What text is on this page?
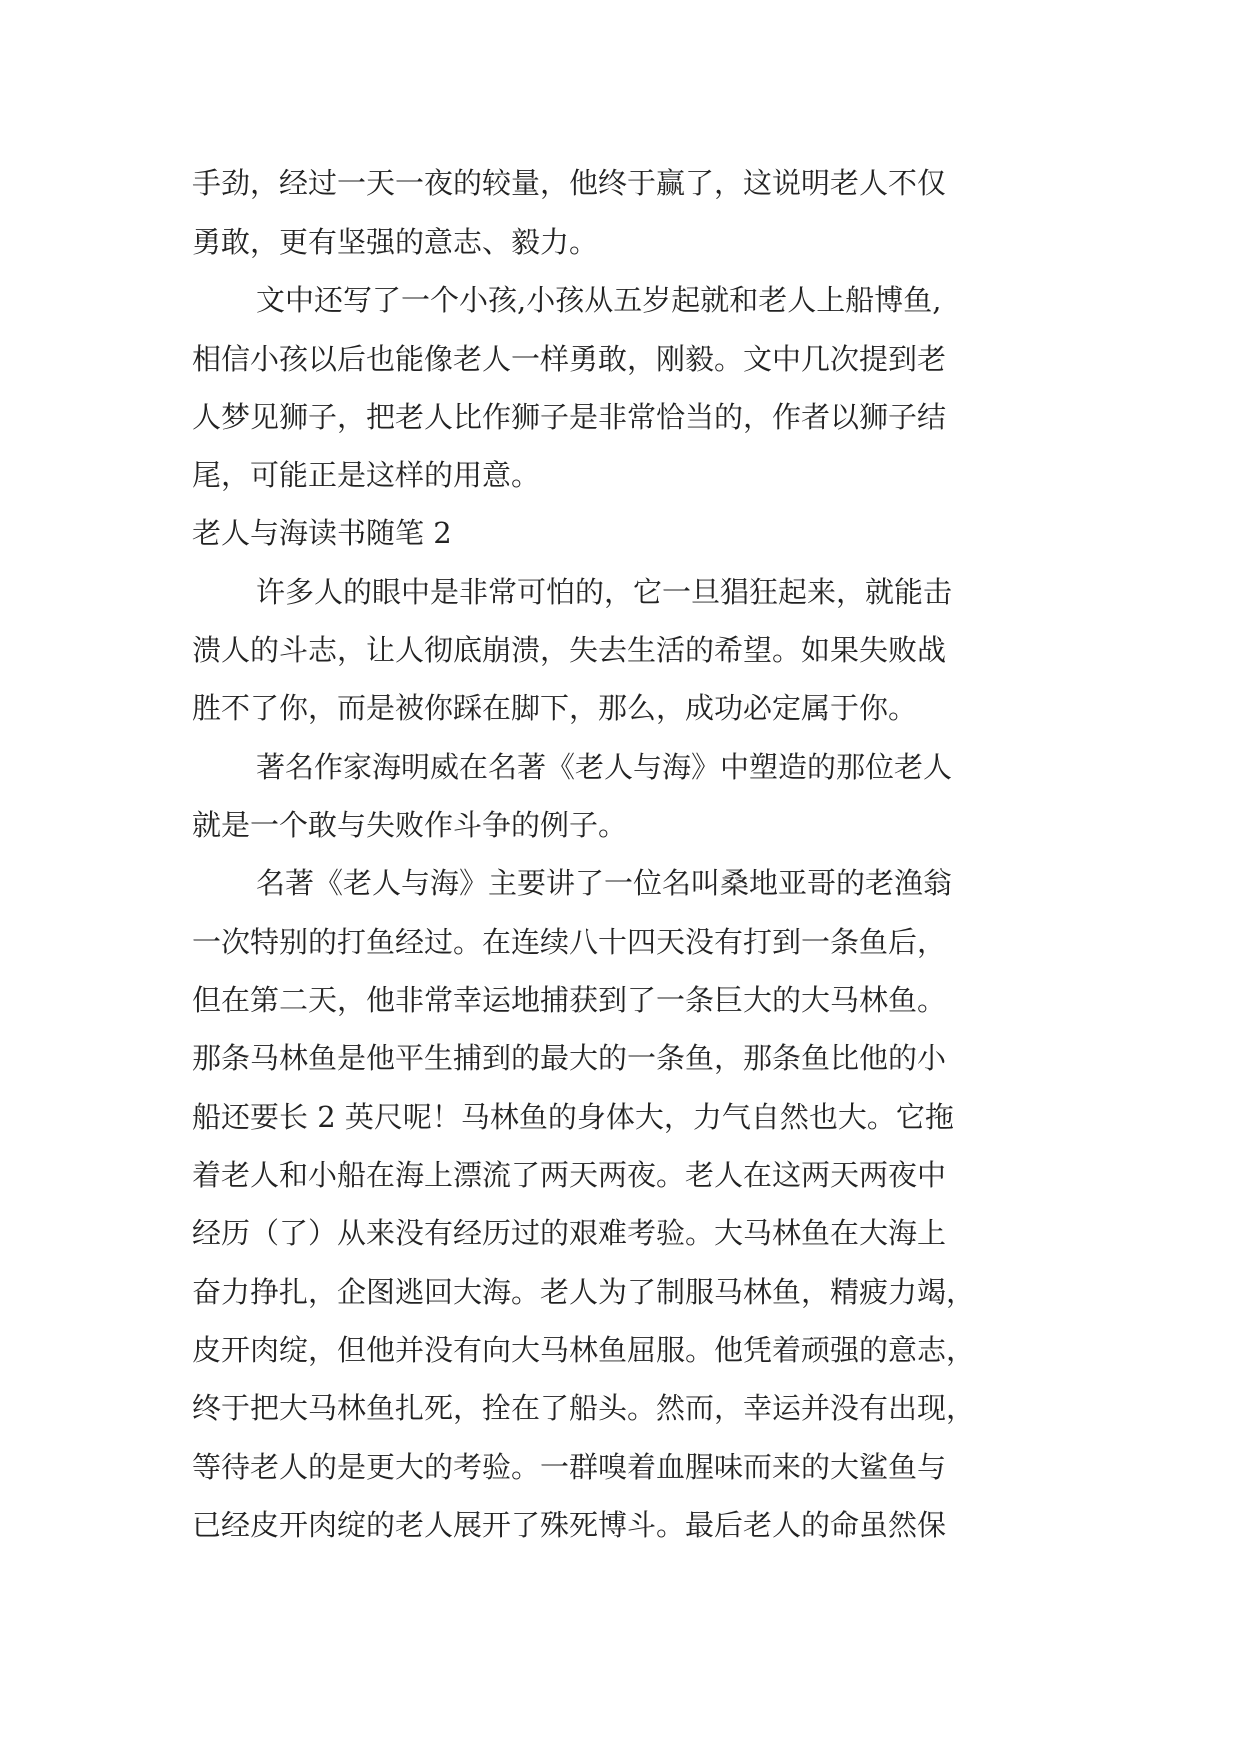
手劲，经过一天一夜的较量，他终于赢了，这说明老人不仅
勇敢，更有坚强的意志、毅力。
文中还写了一个小孩,小孩从五岁起就和老人上船博鱼,
相信小孩以后也能像老人一样勇敢，刚毅。文中几次提到老
人梦见狮子，把老人比作狮子是非常恰当的，作者以狮子结
尾，可能正是这样的用意。
老人与海读书随笔 2
许多人的眼中是非常可怕的，它一旦猖狂起来，就能击
溃人的斗志，让人彻底崩溃，失去生活的希望。如果失败战
胜不了你，而是被你踩在脚下，那么，成功必定属于你。
著名作家海明威在名著《老人与海》中塑造的那位老人
就是一个敢与失败作斗争的例子。
名著《老人与海》主要讲了一位名叫桑地亚哥的老渔翁
一次特别的打鱼经过。在连续八十四天没有打到一条鱼后，
但在第二天，他非常幸运地捕获到了一条巨大的大马林鱼。
那条马林鱼是他平生捕到的最大的一条鱼，那条鱼比他的小
船还要长 2 英尺呢！马林鱼的身体大，力气自然也大。它拖
着老人和小船在海上漂流了两天两夜。老人在这两天两夜中
经历（了）从来没有经历过的艰难考验。大马林鱼在大海上
奋力挣扎，企图逃回大海。老人为了制服马林鱼，精疲力竭，
皮开肉绽，但他并没有向大马林鱼屈服。他凭着顽强的意志，
终于把大马林鱼扎死，拴在了船头。然而，幸运并没有出现，
等待老人的是更大的考验。一群嗅着血腥味而来的大鲨鱼与
已经皮开肉绽的老人展开了殊死博斗。最后老人的命虽然保
